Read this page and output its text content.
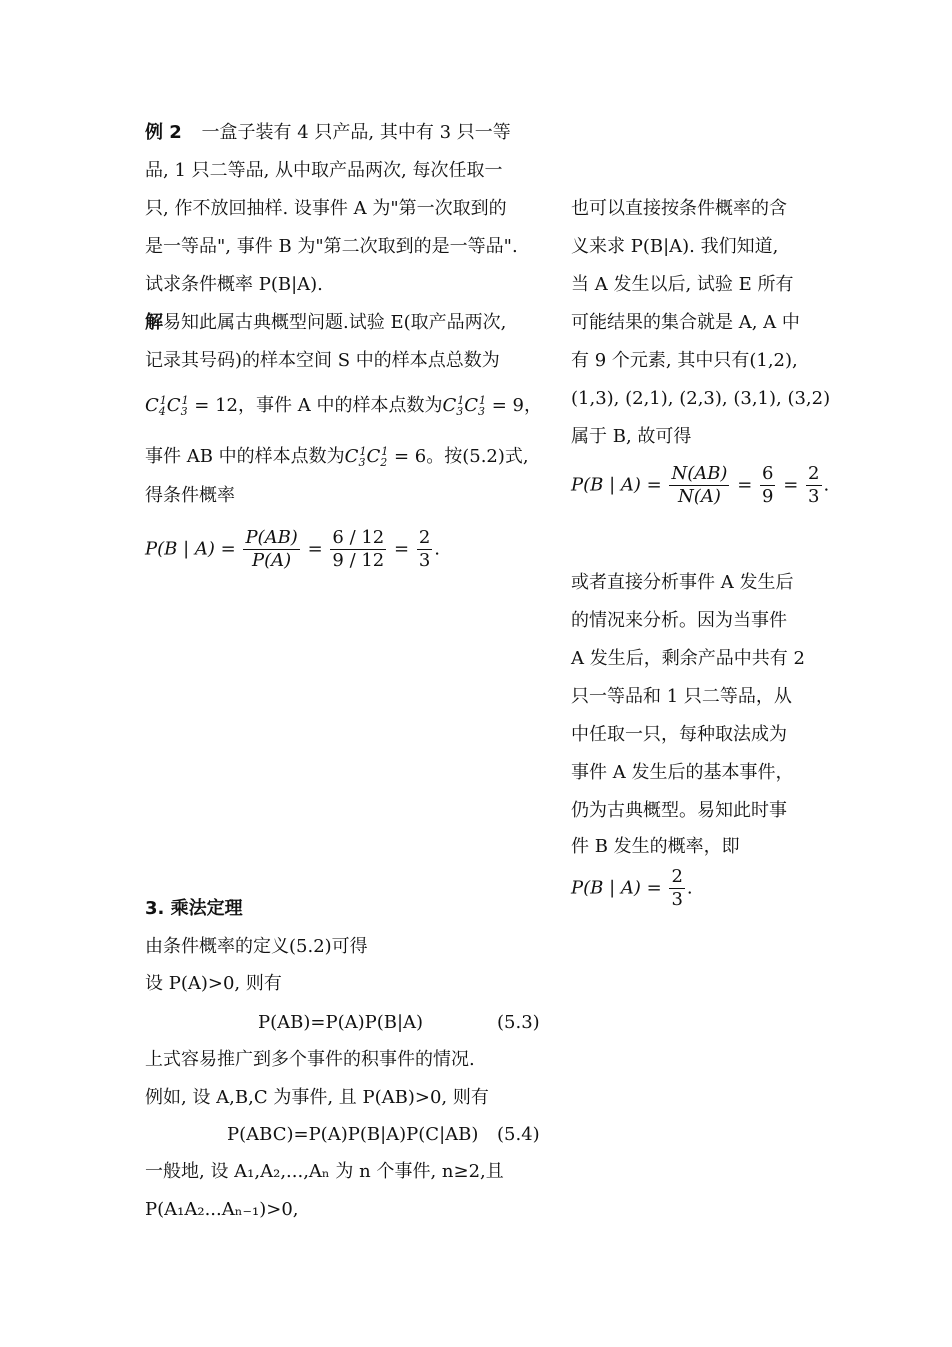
例 2 一盒子装有 4 只产品, 其中有 3 只一等
品, 1 只二等品, 从中取产品两次, 每次任取一
只, 作不放回抽样. 设事件 A 为"第一次取到的
是一等品", 事件 B 为"第二次取到的是一等品".
试求条件概率 P(B|A).
解易知此属古典概型问题.试验 E(取产品两次,
记录其号码)的样本空间 S 中的样本点总数为
$C_4^1C_3^1 = 12$，事件 A 中的样本点数为$C_3^1C_3^1 = 9$，
事件 AB 中的样本点数为$C_3^1C_2^1 = 6$。按(5.2)式,
得条件概率
P(B | $A) = \frac{P(AB)}{P(A)} = \frac{6 / 12}{9 / 12} = \frac{2}{3}$ .
3. 乘法定理
由条件概率的定义(5.2)可得
设 P(A)>0, 则有
P(AB)=P(A)P(B|A)	(5.3)
上式容易推广到多个事件的积事件的情况.
例如, 设 A,B,C 为事件, 且 P(AB)>0, 则有
P(ABC)=P(A)P(B|A)P(C|AB) (5.4)
一般地, 设 A₁,A₂,...,Aₙ 为 n 个事件, n≥2,且
P(A₁A₂...Aₙ₋₁)>0,
也可以直接按条件概率的含
义来求 P(B|A). 我们知道,
当 A 发生以后, 试验 E 所有
可能结果的集合就是 A, A 中
有 9 个元素, 其中只有(1,2),
(1,3), (2,1), (2,3), (3,1), (3,2)
属于 B, 故可得
P(B | $A) = \frac{N(AB)}{N(A)} = \frac{6}{9} = \frac{2}{3}$ .
或者直接分析事件 A 发生后
的情况来分析。因为当事件
A 发生后，剩余产品中共有 2
只一等品和 1 只二等品，从
中任取一只，每种取法成为
事件 A 发生后的基本事件，
仍为古典概型。易知此时事
件 B 发生的概率，即
P(B | $A) = \frac{2}{3}$ .
